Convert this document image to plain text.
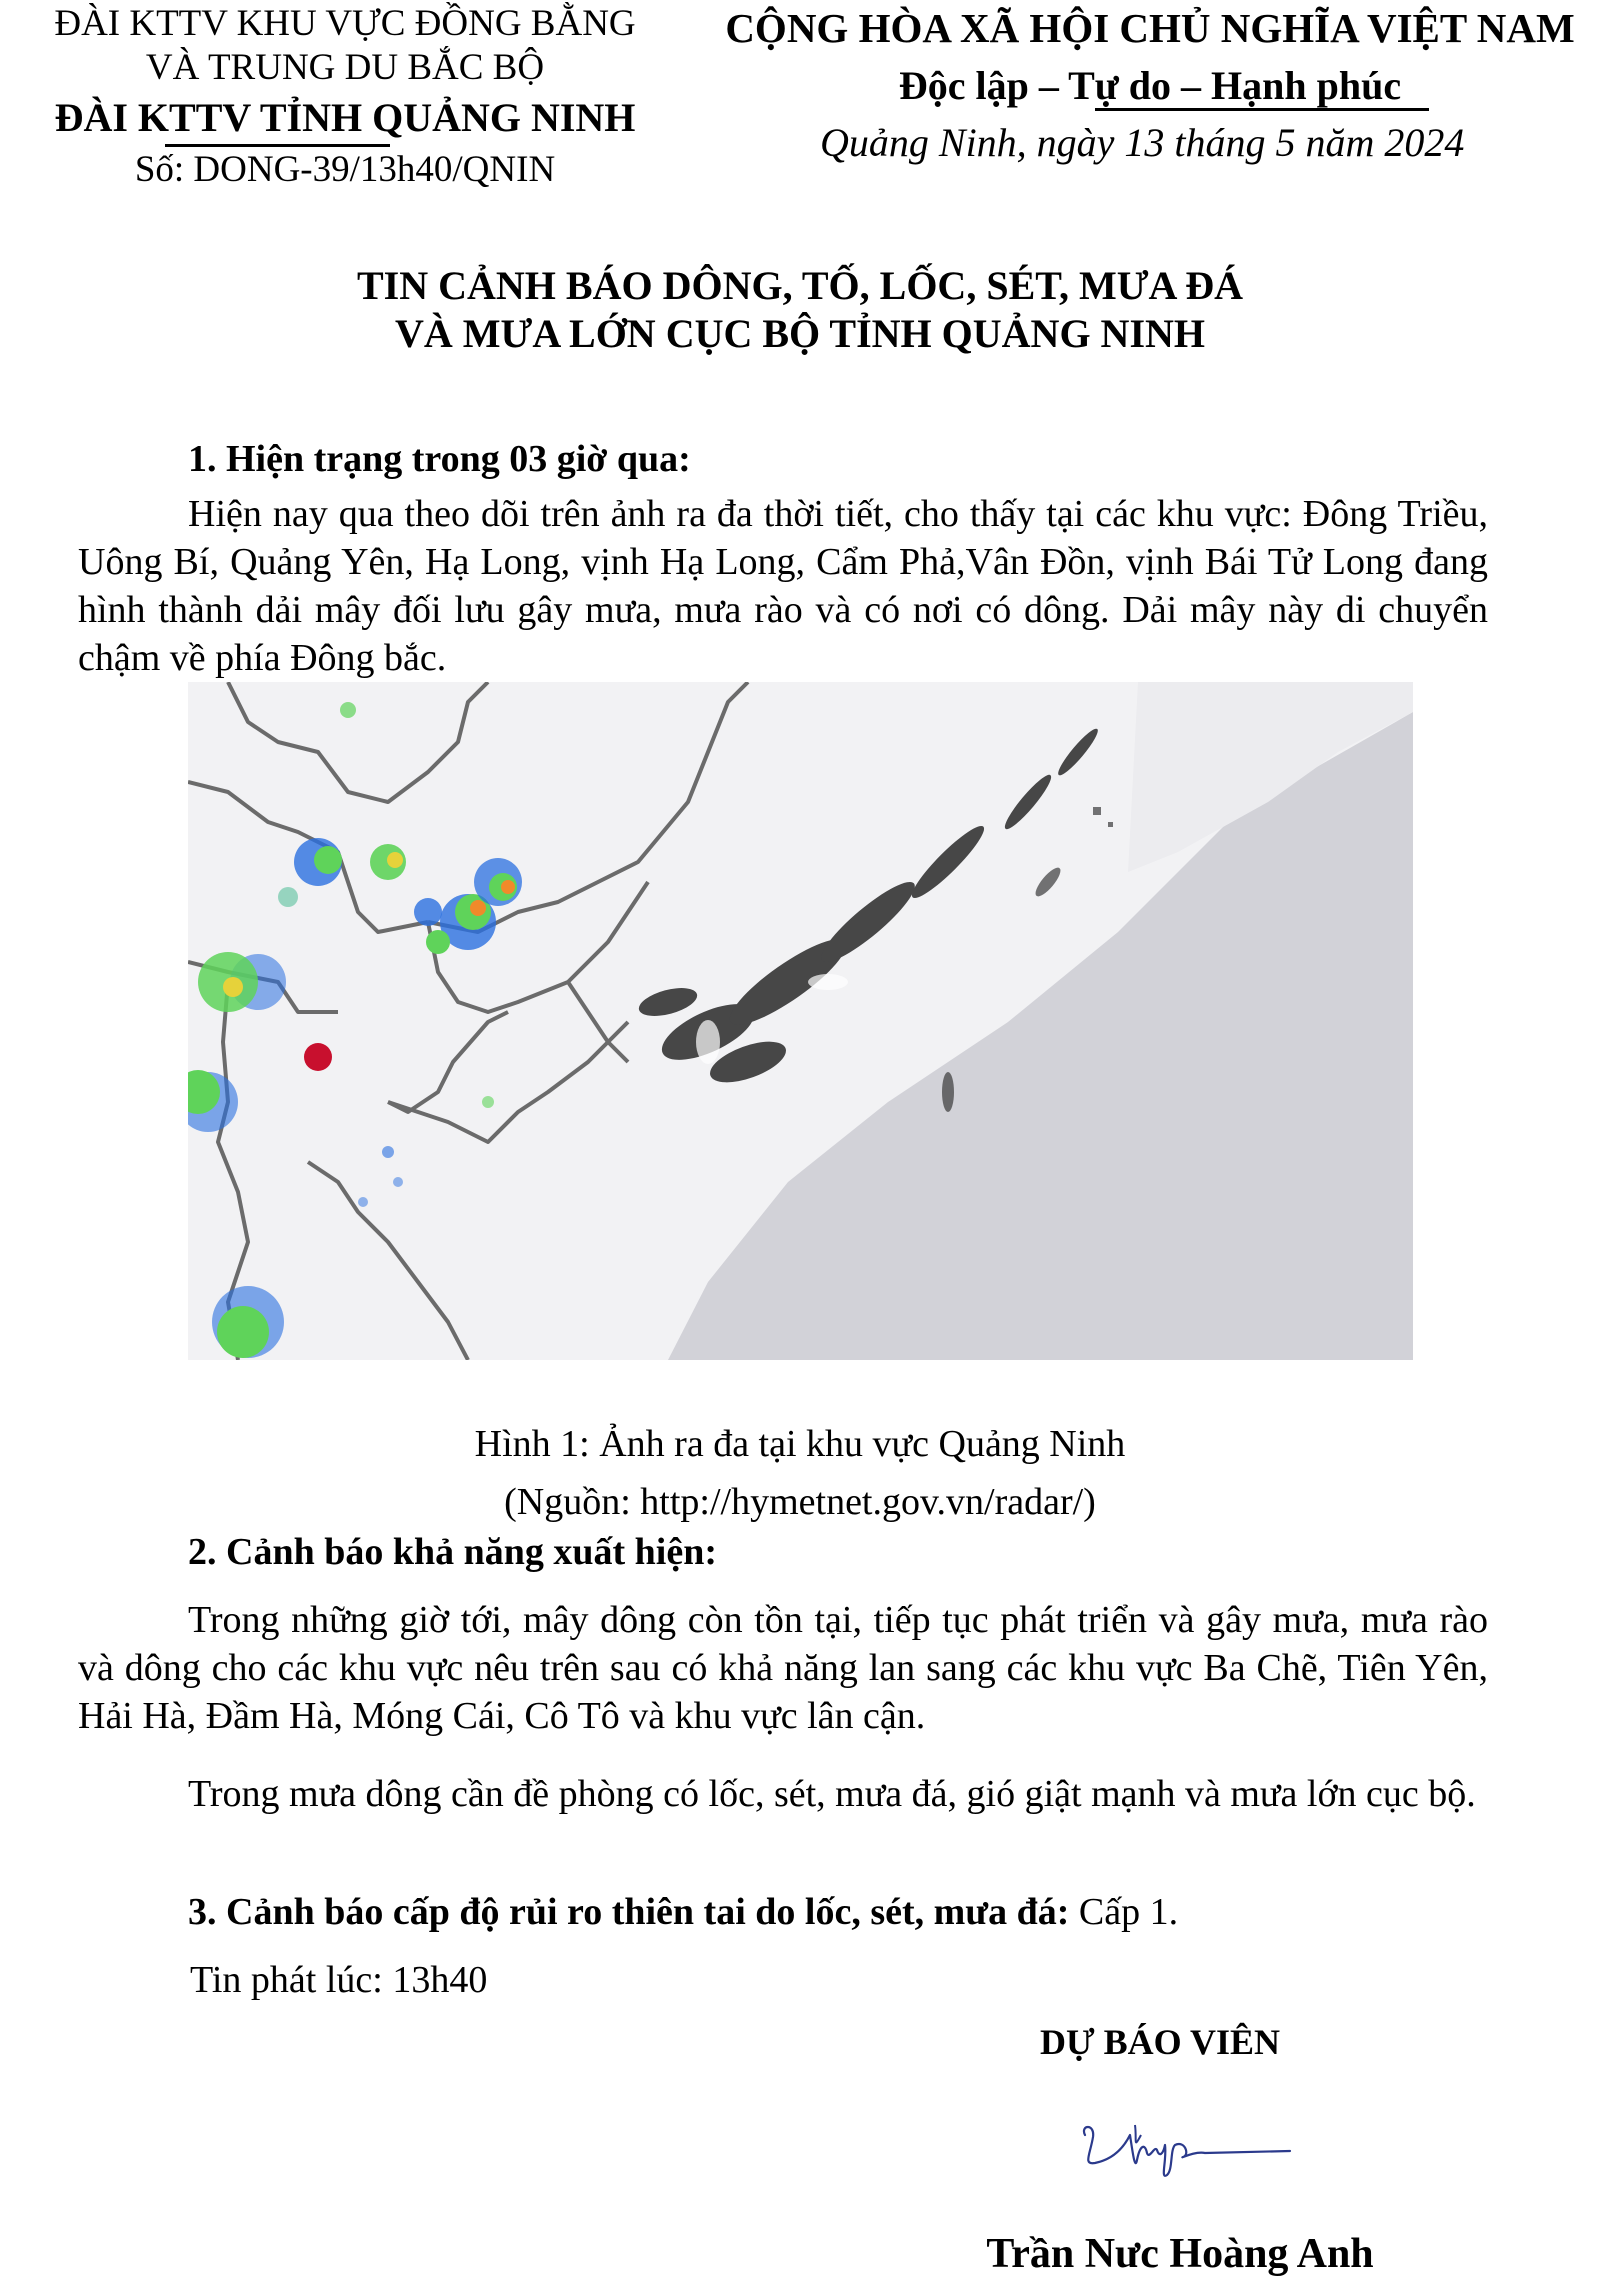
ĐÀI KTTV KHU VỰC ĐỒNG BẰNG
VÀ TRUNG DU BẮC BỘ
ĐÀI KTTV TỈNH QUẢNG NINH
Số: DONG-39/13h40/QNIN
CỘNG HÒA XÃ HỘI CHỦ NGHĨA VIỆT NAM
Độc lập – Tự do – Hạnh phúc
Quảng Ninh, ngày 13 tháng 5 năm 2024
TIN CẢNH BÁO DÔNG, TỐ, LỐC, SÉT, MƯA ĐÁ
VÀ MƯA LỚN CỤC BỘ TỈNH QUẢNG NINH
1. Hiện trạng trong 03 giờ qua:
Hiện nay qua theo dõi trên ảnh ra đa thời tiết, cho thấy tại các khu vực: Đông Triều, Uông Bí, Quảng Yên, Hạ Long, vịnh Hạ Long, Cẩm Phả,Vân Đồn, vịnh Bái Tử Long đang hình thành dải mây đối lưu gây mưa, mưa rào và có nơi có dông. Dải mây này di chuyển chậm về phía Đông bắc.
Hình 1: Ảnh ra đa tại khu vực Quảng Ninh
(Nguồn: http://hymetnet.gov.vn/radar/)
2. Cảnh báo khả năng xuất hiện:
Trong những giờ tới, mây dông còn tồn tại, tiếp tục phát triển và gây mưa, mưa rào và dông cho các khu vực nêu trên sau có khả năng lan sang các khu vực Ba Chẽ, Tiên Yên, Hải Hà, Đầm Hà, Móng Cái, Cô Tô và khu vực lân cận.
Trong mưa dông cần đề phòng có lốc, sét, mưa đá, gió giật mạnh và mưa lớn cục bộ.
3. Cảnh báo cấp độ rủi ro thiên tai do lốc, sét, mưa đá: Cấp 1.
Tin phát lúc: 13h40
DỰ BÁO VIÊN
Trần Nưc Hoàng Anh
